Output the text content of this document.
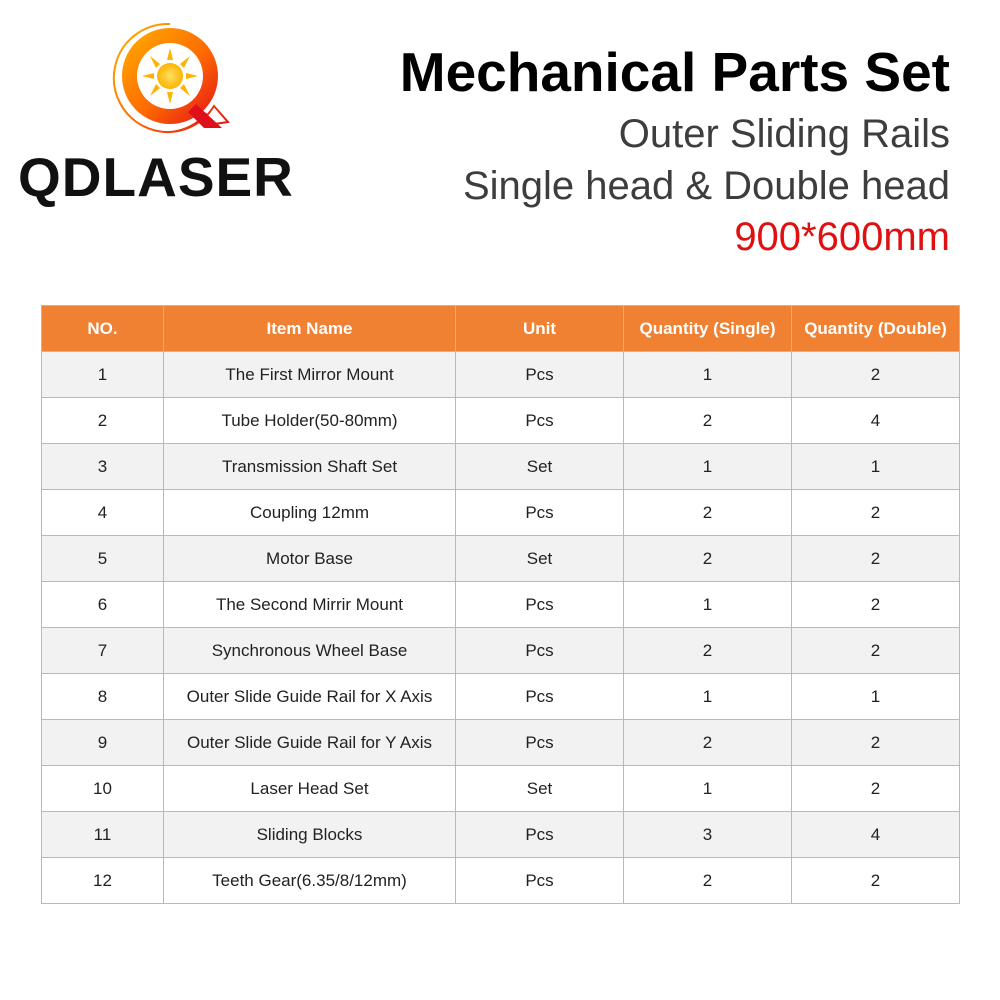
QDLASER
Mechanical Parts Set
Outer Sliding Rails
Single head & Double head
900*600mm
NO.	Item Name	Unit	Quantity (Single)	Quantity (Double)
1	The First Mirror Mount	Pcs	1	2
2	Tube Holder(50-80mm)	Pcs	2	4
3	Transmission Shaft Set	Set	1	1
4	Coupling 12mm	Pcs	2	2
5	Motor Base	Set	2	2
6	The Second Mirrir Mount	Pcs	1	2
7	Synchronous Wheel Base	Pcs	2	2
8	Outer Slide Guide Rail for X Axis	Pcs	1	1
9	Outer Slide Guide Rail for Y Axis	Pcs	2	2
10	Laser Head Set	Set	1	2
11	Sliding Blocks	Pcs	3	4
12	Teeth Gear(6.35/8/12mm)	Pcs	2	2
